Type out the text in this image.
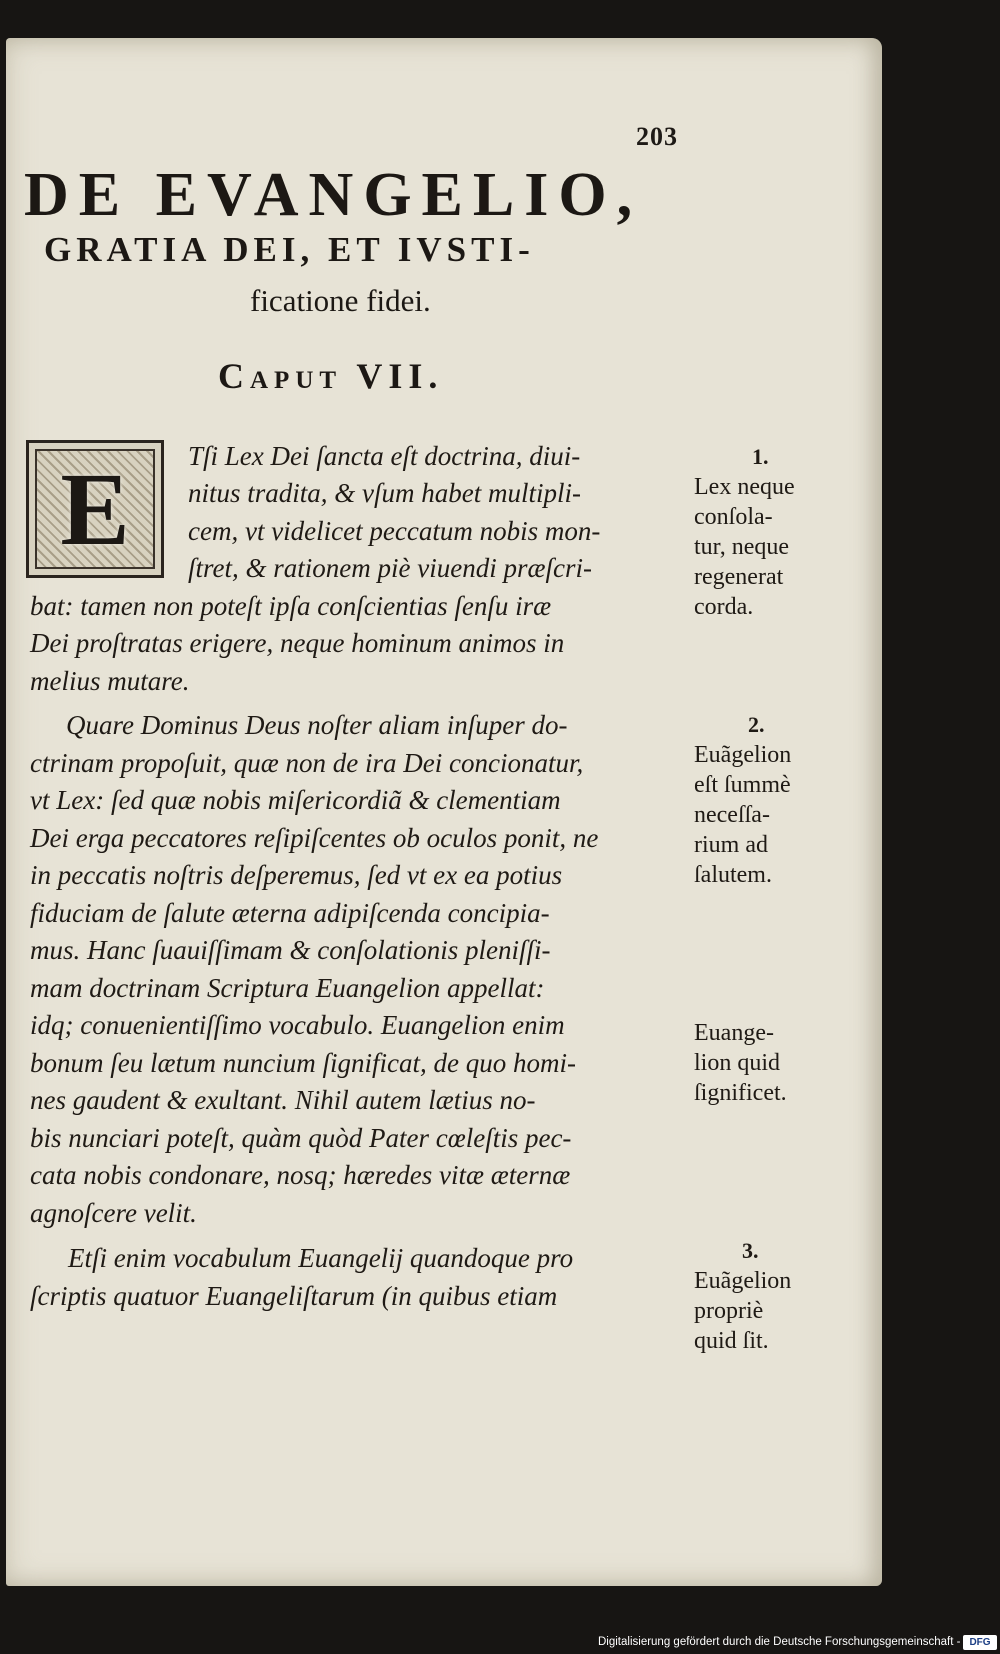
203
DE EVANGELIO,
GRATIA DEI, ET IVSTI-
ficatione fidei.
Caput VII.
E	Tſi Lex Dei ſancta eſt doctrina, diui-
nitus tradita, & vſum habet multipli-
cem, vt videlicet peccatum nobis mon-
ſtret, & rationem piè viuendi præſcri-
bat: tamen non poteſt ipſa conſcientias ſenſu iræ
Dei proſtratas erigere, neque hominum animos in
melius mutare.
Quare Dominus Deus noſter aliam inſuper do-
ctrinam propoſuit, quæ non de ira Dei concionatur,
vt Lex: ſed quæ nobis miſericordiã & clementiam
Dei erga peccatores reſipiſcentes ob oculos ponit, ne
in peccatis noſtris deſperemus, ſed vt ex ea potius
fiduciam de ſalute æterna adipiſcenda concipia-
mus. Hanc ſuauiſſimam & conſolationis pleniſſi-
mam doctrinam Scriptura Euangelion appellat:
idq; conuenientiſſimo vocabulo. Euangelion enim
bonum ſeu lætum nuncium ſignificat, de quo homi-
nes gaudent & exultant. Nihil autem lætius no-
bis nunciari poteſt, quàm quòd Pater cœleſtis pec-
cata nobis condonare, nosq; hæredes vitæ æternæ
agnoſcere velit.
Etſi enim vocabulum Euangelij quandoque pro
ſcriptis quatuor Euangeliſtarum (in quibus etiam
1.
Lex neque
conſola-
tur, neque
regenerat
corda.
2.
Euãgelion
eſt ſummè
neceſſa-
rium ad
ſalutem.
Euange-
lion quid
ſignificet.
3.
Euãgelion
propriè
quid ſit.
Digitalisierung gefördert durch die Deutsche Forschungsgemeinschaft - DFG
